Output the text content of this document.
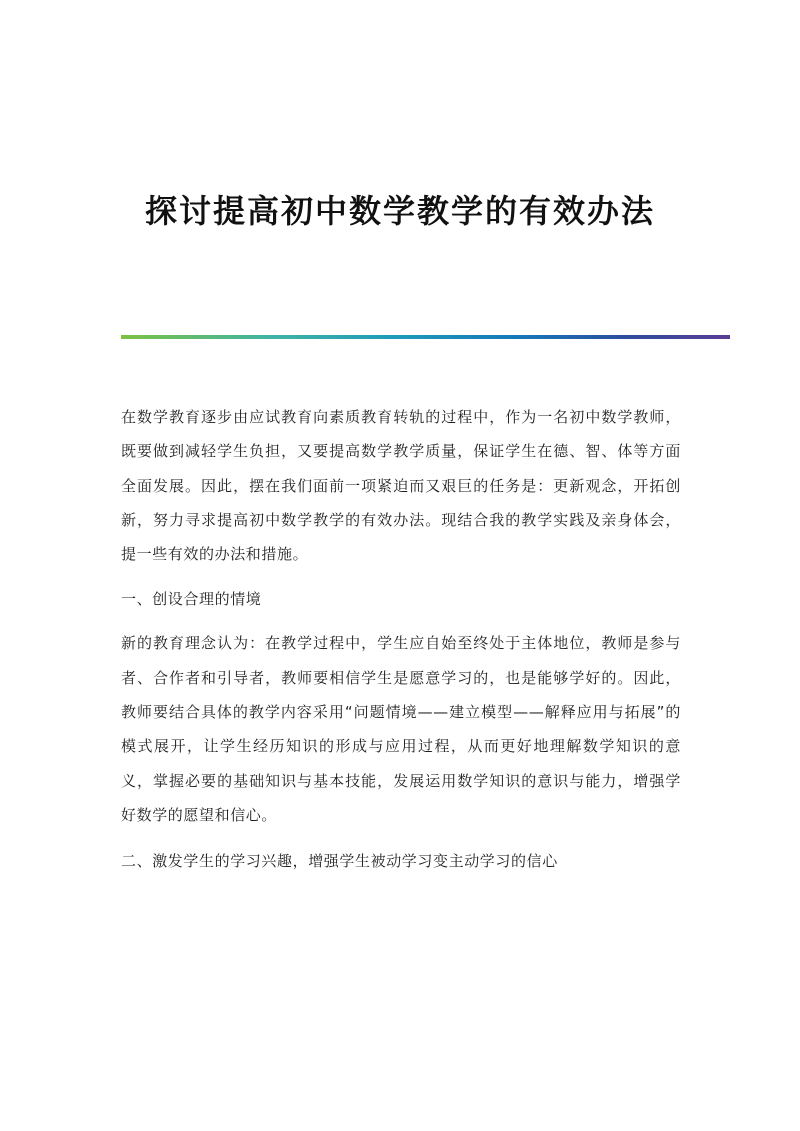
探讨提高初中数学教学的有效办法

在数学教育逐步由应试教育向素质教育转轨的过程中，作为一名初中数学教师，既要做到减轻学生负担，又要提高数学教学质量，保证学生在德、智、体等方面全面发展。因此，摆在我们面前一项紧迫而又艰巨的任务是：更新观念，开拓创新，努力寻求提高初中数学教学的有效办法。现结合我的教学实践及亲身体会，提一些有效的办法和措施。

一、创设合理的情境

新的教育理念认为：在教学过程中，学生应自始至终处于主体地位，教师是参与者、合作者和引导者，教师要相信学生是愿意学习的，也是能够学好的。因此，教师要结合具体的教学内容采用“问题情境——建立模型——解释应用与拓展”的模式展开，让学生经历知识的形成与应用过程，从而更好地理解数学知识的意义，掌握必要的基础知识与基本技能，发展运用数学知识的意识与能力，增强学好数学的愿望和信心。

二、激发学生的学习兴趣，增强学生被动学习变主动学习的信心
